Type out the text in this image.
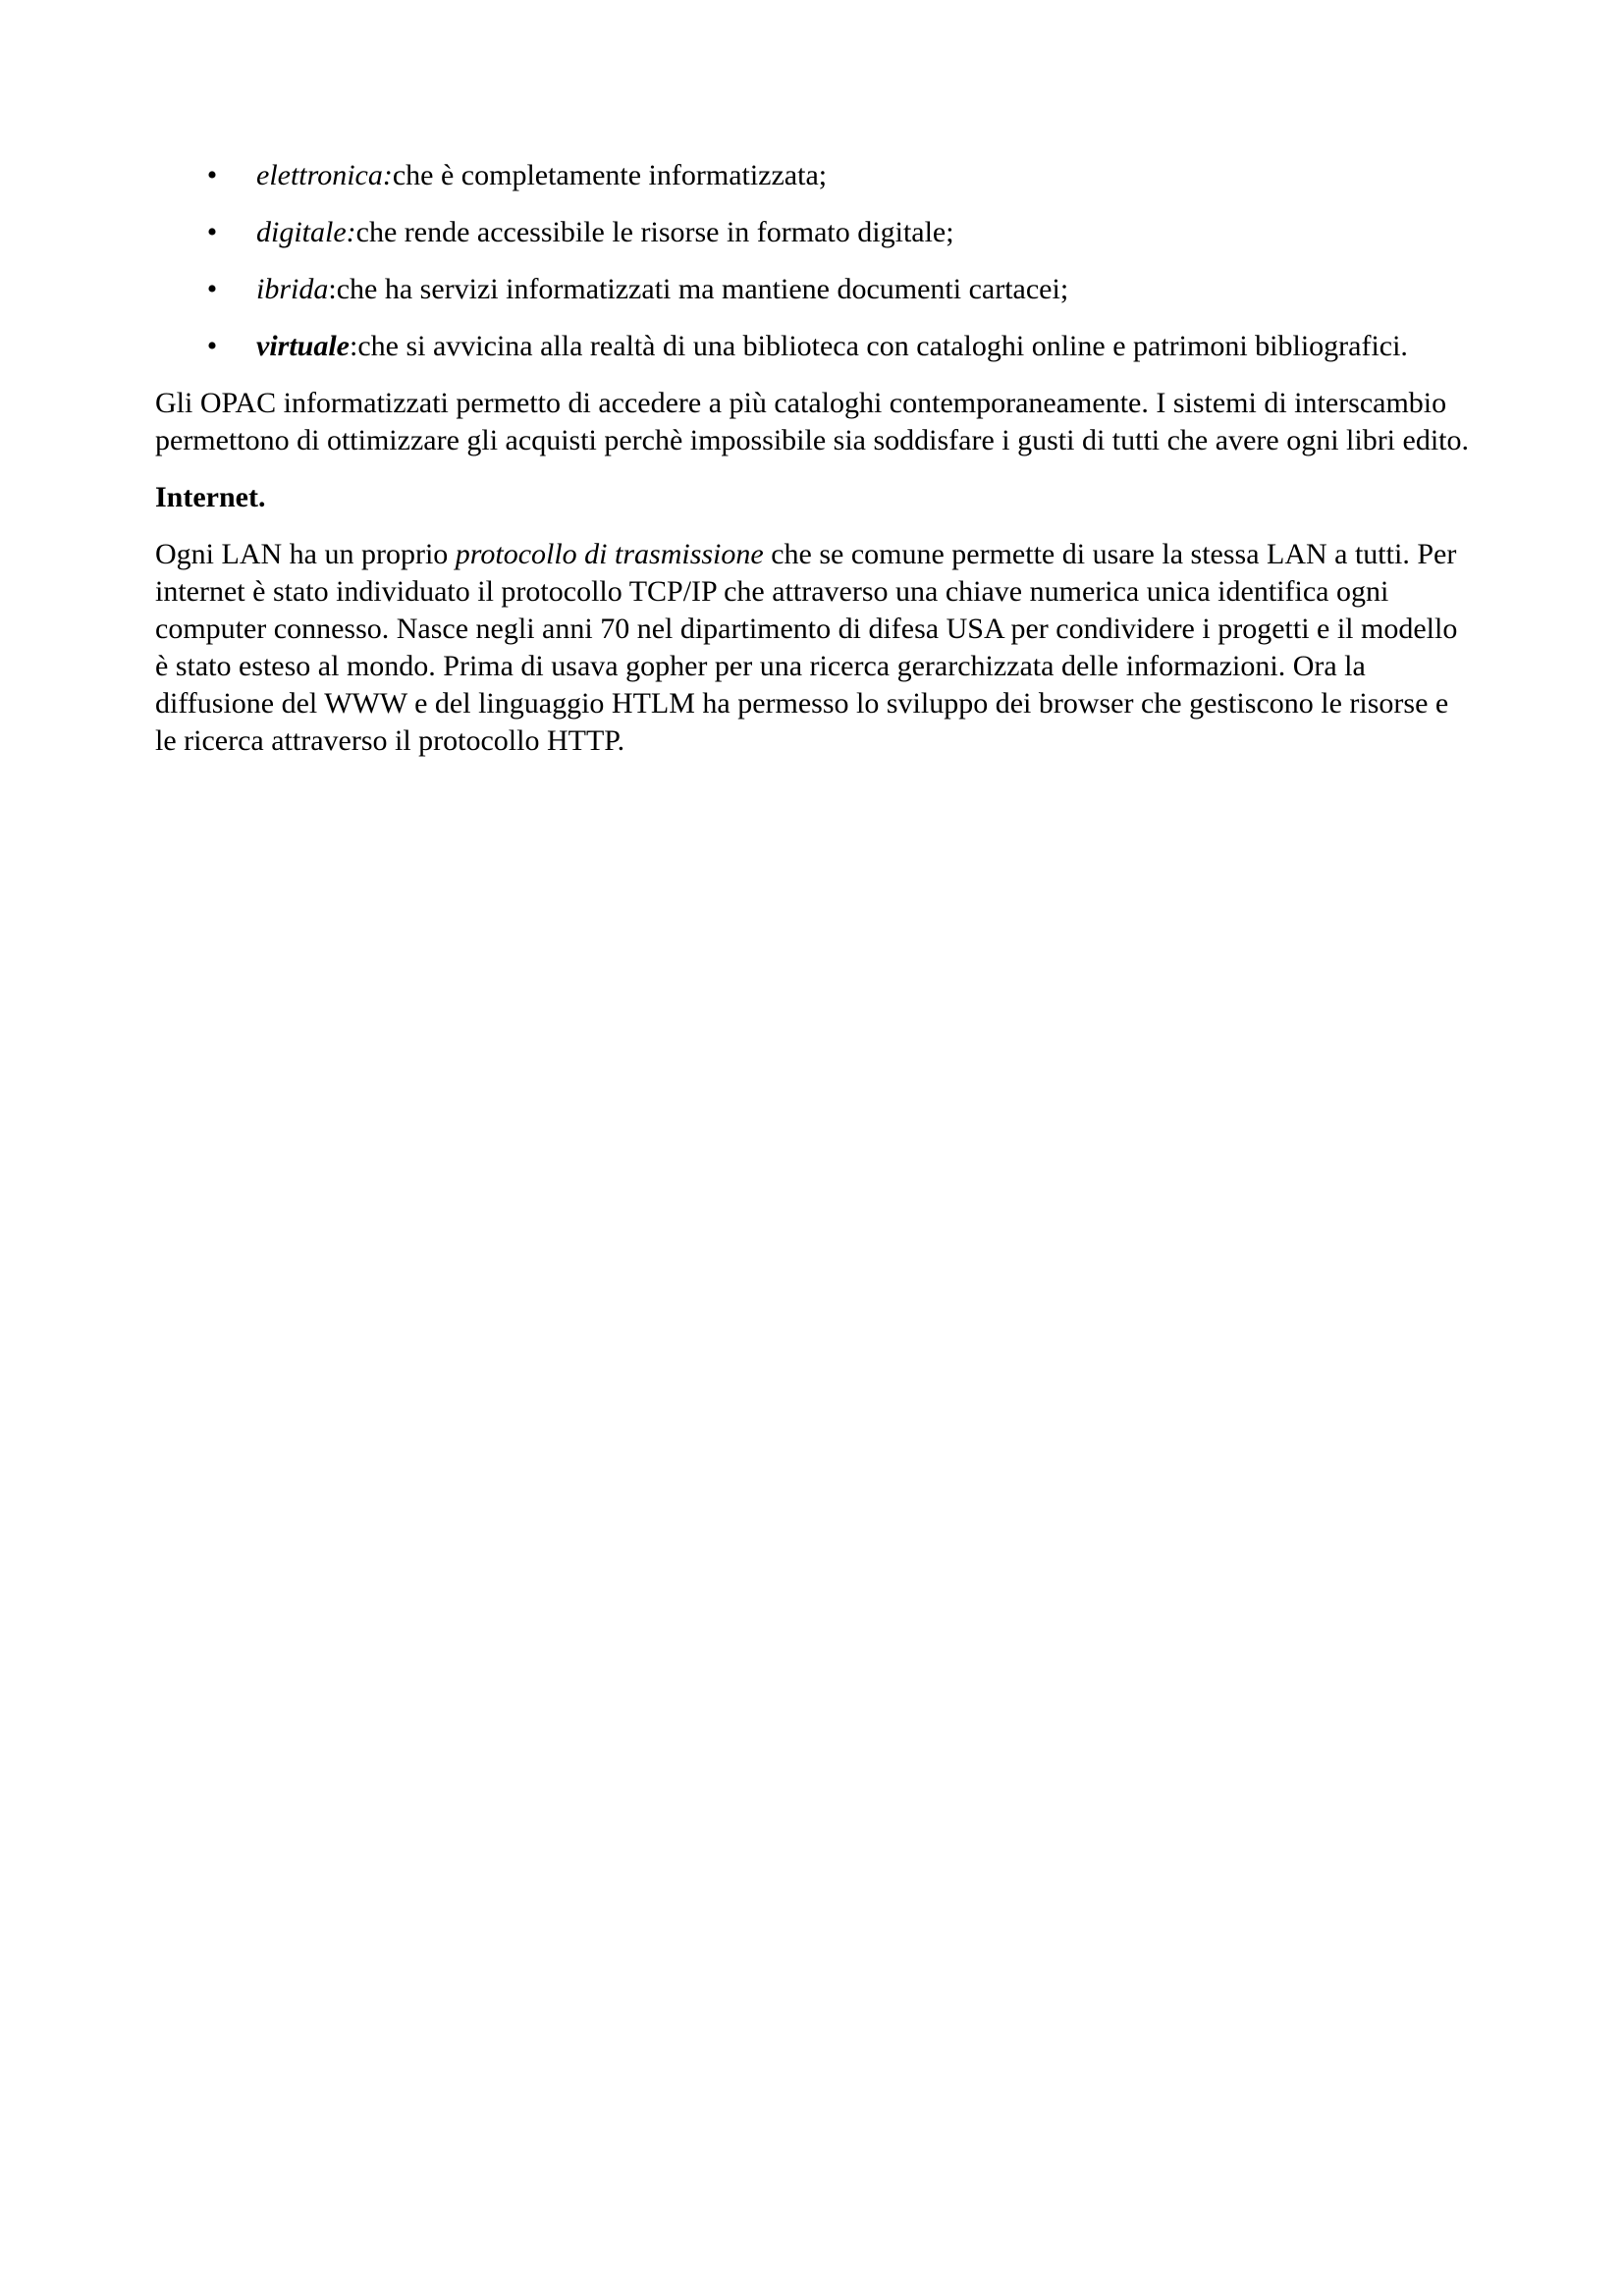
• elettronica:che è completamente informatizzata;
• digitale:che rende accessibile le risorse in formato digitale;
• ibrida:che ha servizi informatizzati ma mantiene documenti cartacei;
• virtuale:che si avvicina alla realtà di una biblioteca con cataloghi online e patrimoni bibliografici.

Gli OPAC informatizzati permetto di accedere a più cataloghi contemporaneamente. I sistemi di interscambio permettono di ottimizzare gli acquisti perchè impossibile sia soddisfare i gusti di tutti che avere ogni libri edito.

Internet.

Ogni LAN ha un proprio protocollo di trasmissione che se comune permette di usare la stessa LAN a tutti. Per internet è stato individuato il protocollo TCP/IP che attraverso una chiave numerica unica identifica ogni computer connesso. Nasce negli anni 70 nel dipartimento di difesa USA per condividere i progetti e il modello è stato esteso al mondo. Prima di usava gopher per una ricerca gerarchizzata delle informazioni. Ora la diffusione del WWW e del linguaggio HTLM ha permesso lo sviluppo dei browser che gestiscono le risorse e le ricerca attraverso il protocollo HTTP.
